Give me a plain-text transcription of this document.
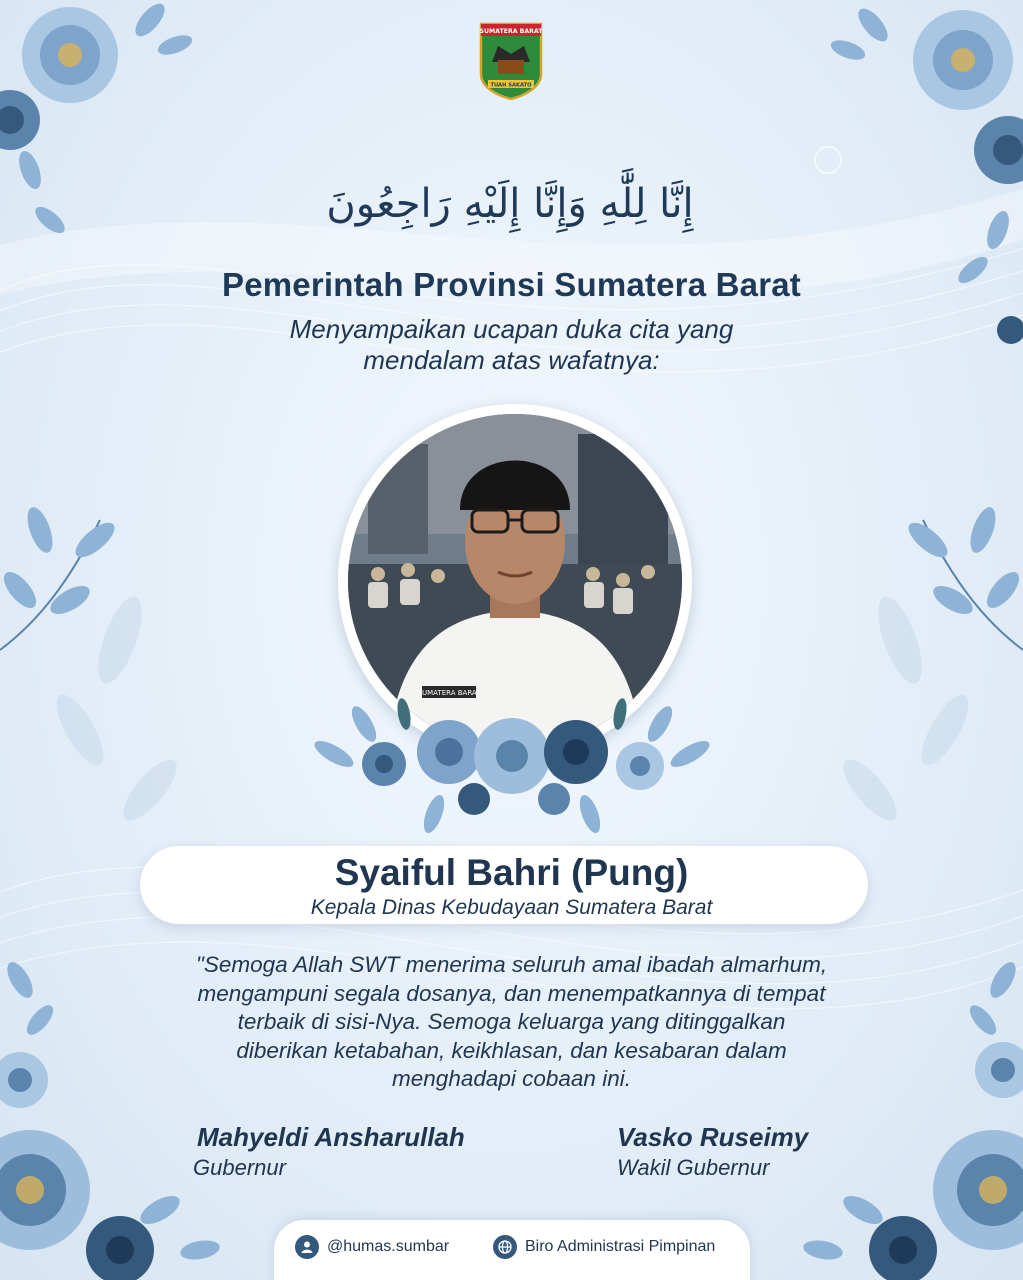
SUMATERA BARAT
TUAH SAKATO
إِنَّا لِلَّٰهِ وَإِنَّا إِلَيْهِ رَاجِعُونَ
Pemerintah Provinsi Sumatera Barat
Menyampaikan ucapan duka cita yang
mendalam atas wafatnya:
SUMATERA BARAT
Syaiful Bahri (Pung)
Kepala Dinas Kebudayaan Sumatera Barat
"Semoga Allah SWT menerima seluruh amal ibadah almarhum,
mengampuni segala dosanya, dan menempatkannya di tempat
terbaik di sisi-Nya. Semoga keluarga yang ditinggalkan
diberikan ketabahan, keikhlasan, dan kesabaran dalam
menghadapi cobaan ini.
Mahyeldi Ansharullah
Gubernur
Vasko Ruseimy
Wakil Gubernur
@humas.sumbar	Biro Administrasi Pimpinan
